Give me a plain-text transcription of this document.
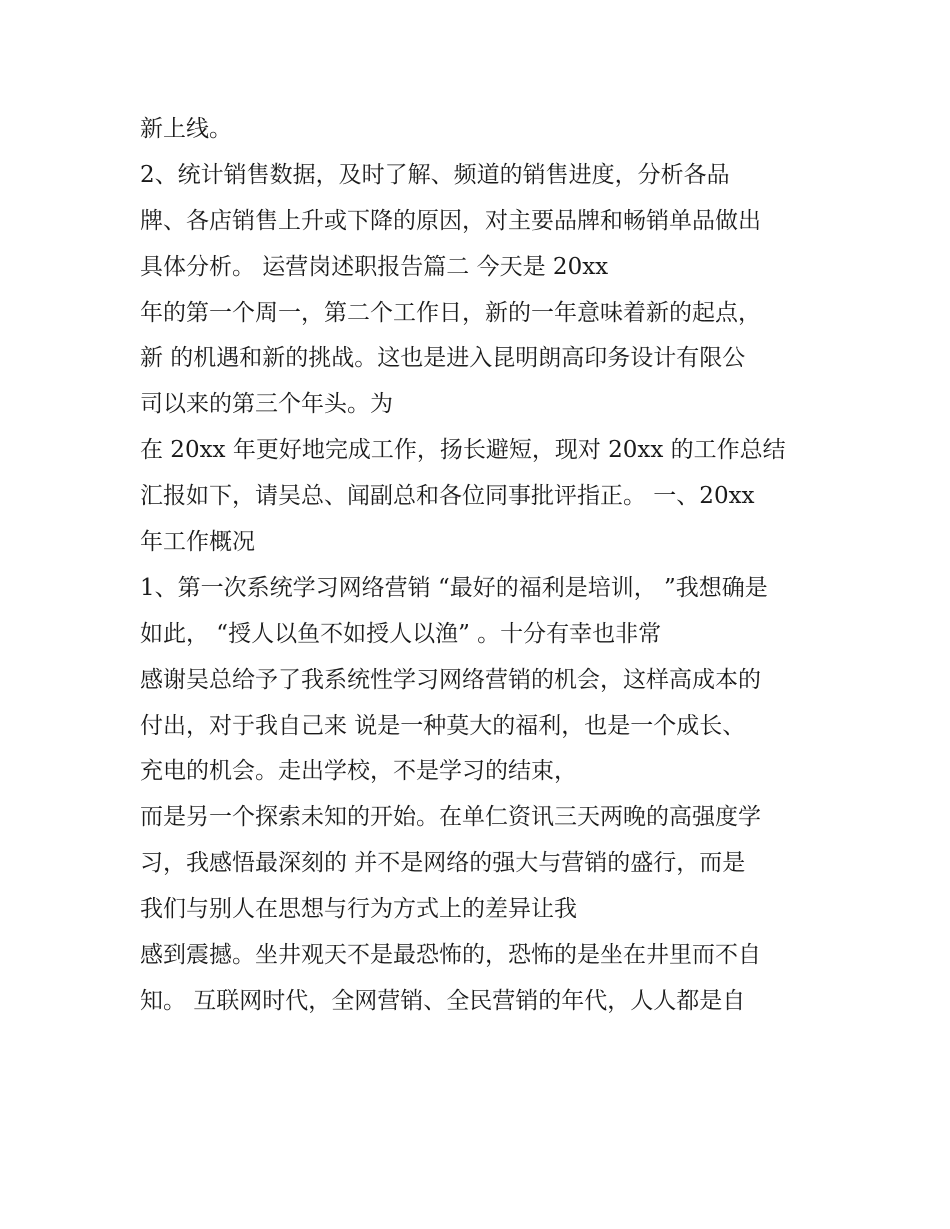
新上线。
2、统计销售数据，及时了解、频道的销售进度，分析各品
牌、各店销售上升或下降的原因，对主要品牌和畅销单品做出
具体分析。 运营岗述职报告篇二 今天是 20xx
年的第一个周一，第二个工作日，新的一年意味着新的起点，
新 的机遇和新的挑战。这也是进入昆明朗高印务设计有限公
司以来的第三个年头。为
在 20xx 年更好地完成工作，扬长避短，现对 20xx 的工作总结
汇报如下，请吴总、闻副总和各位同事批评指正。 一、20xx
年工作概况
1、第一次系统学习网络营销 “最好的福利是培训， ”我想确是
如此， “授人以鱼不如授人以渔” 。十分有幸也非常
感谢吴总给予了我系统性学习网络营销的机会，这样高成本的
付出，对于我自己来 说是一种莫大的福利，也是一个成长、
充电的机会。走出学校，不是学习的结束，
而是另一个探索未知的开始。在单仁资讯三天两晚的高强度学
习，我感悟最深刻的 并不是网络的强大与营销的盛行，而是
我们与别人在思想与行为方式上的差异让我
感到震撼。坐井观天不是最恐怖的，恐怖的是坐在井里而不自
知。 互联网时代，全网营销、全民营销的年代，人人都是自
